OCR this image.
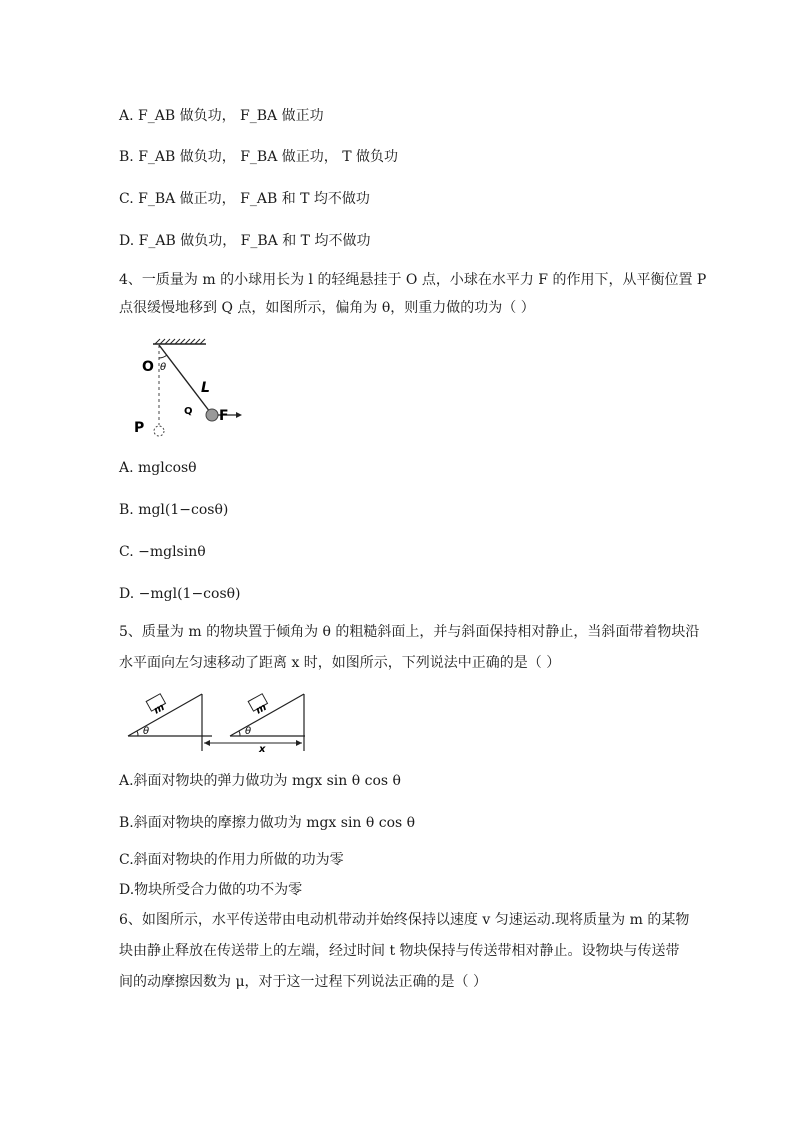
A. F_AB 做负功， F_BA 做正功
B. F_AB 做负功， F_BA 做正功， T 做负功
C. F_BA 做正功， F_AB 和 T 均不做功
D. F_AB 做负功， F_BA 和 T 均不做功
4、一质量为 m 的小球用长为 l 的轻绳悬挂于 O 点，小球在水平力 F 的作用下，从平衡位置 P
点很缓慢地移到 Q 点，如图所示，偏角为 θ，则重力做的功为（ ）
O θ
L
Q F
P
m	m
θ	θ
x
A. mglcosθ
B. mgl(1−cosθ)
C. −mglsinθ
D. −mgl(1−cosθ)
5、质量为 m 的物块置于倾角为 θ 的粗糙斜面上，并与斜面保持相对静止，当斜面带着物块沿
水平面向左匀速移动了距离 x 时，如图所示，下列说法中正确的是（ ）
A.斜面对物块的弹力做功为 mgx sin θ cos θ
B.斜面对物块的摩擦力做功为 mgx sin θ cos θ
C.斜面对物块的作用力所做的功为零
D.物块所受合力做的功不为零
6、如图所示，水平传送带由电动机带动并始终保持以速度 v 匀速运动.现将质量为 m 的某物
块由静止释放在传送带上的左端，经过时间 t 物块保持与传送带相对静止。设物块与传送带
间的动摩擦因数为 μ，对于这一过程下列说法正确的是（ ）
